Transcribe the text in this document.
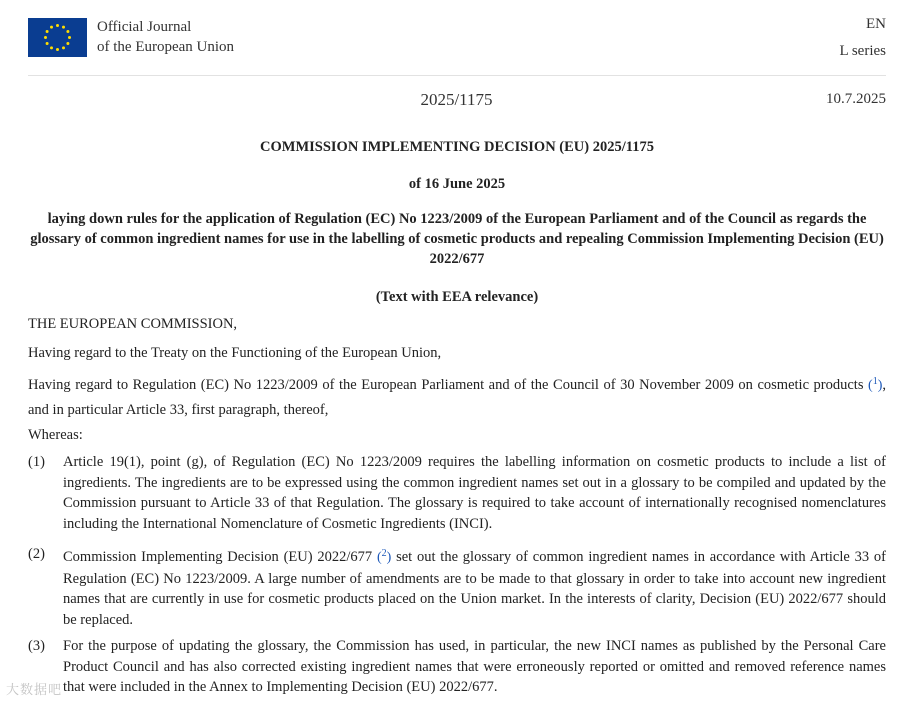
Official Journal
of the European Union
EN
L series
2025/1175	10.7.2025
COMMISSION IMPLEMENTING DECISION (EU) 2025/1175
of 16 June 2025
laying down rules for the application of Regulation (EC) No 1223/2009 of the European Parliament and of the Council as regards the glossary of common ingredient names for use in the labelling of cosmetic products and repealing Commission Implementing Decision (EU) 2022/677
(Text with EEA relevance)
THE EUROPEAN COMMISSION,
Having regard to the Treaty on the Functioning of the European Union,
Having regard to Regulation (EC) No 1223/2009 of the European Parliament and of the Council of 30 November 2009 on cosmetic products ($^1$), and in particular Article 33, first paragraph, thereof,
Whereas:
(1) Article 19(1), point (g), of Regulation (EC) No 1223/2009 requires the labelling information on cosmetic products to include a list of ingredients. The ingredients are to be expressed using the common ingredient names set out in a glossary to be compiled and updated by the Commission pursuant to Article 33 of that Regulation. The glossary is required to take account of internationally recognised nomenclatures including the International Nomenclature of Cosmetic Ingredients (INCI).
(2) Commission Implementing Decision (EU) 2022/677 ($^2$) set out the glossary of common ingredient names in accordance with Article 33 of Regulation (EC) No 1223/2009. A large number of amendments are to be made to that glossary in order to take into account new ingredient names that are currently in use for cosmetic products placed on the Union market. In the interests of clarity, Decision (EU) 2022/677 should be replaced.
(3) For the purpose of updating the glossary, the Commission has used, in particular, the new INCI names as published by the Personal Care Product Council and has also corrected existing ingredient names that were erroneously reported or omitted and removed reference names that were included in the Annex to Implementing Decision (EU) 2022/677.
大数据吧
